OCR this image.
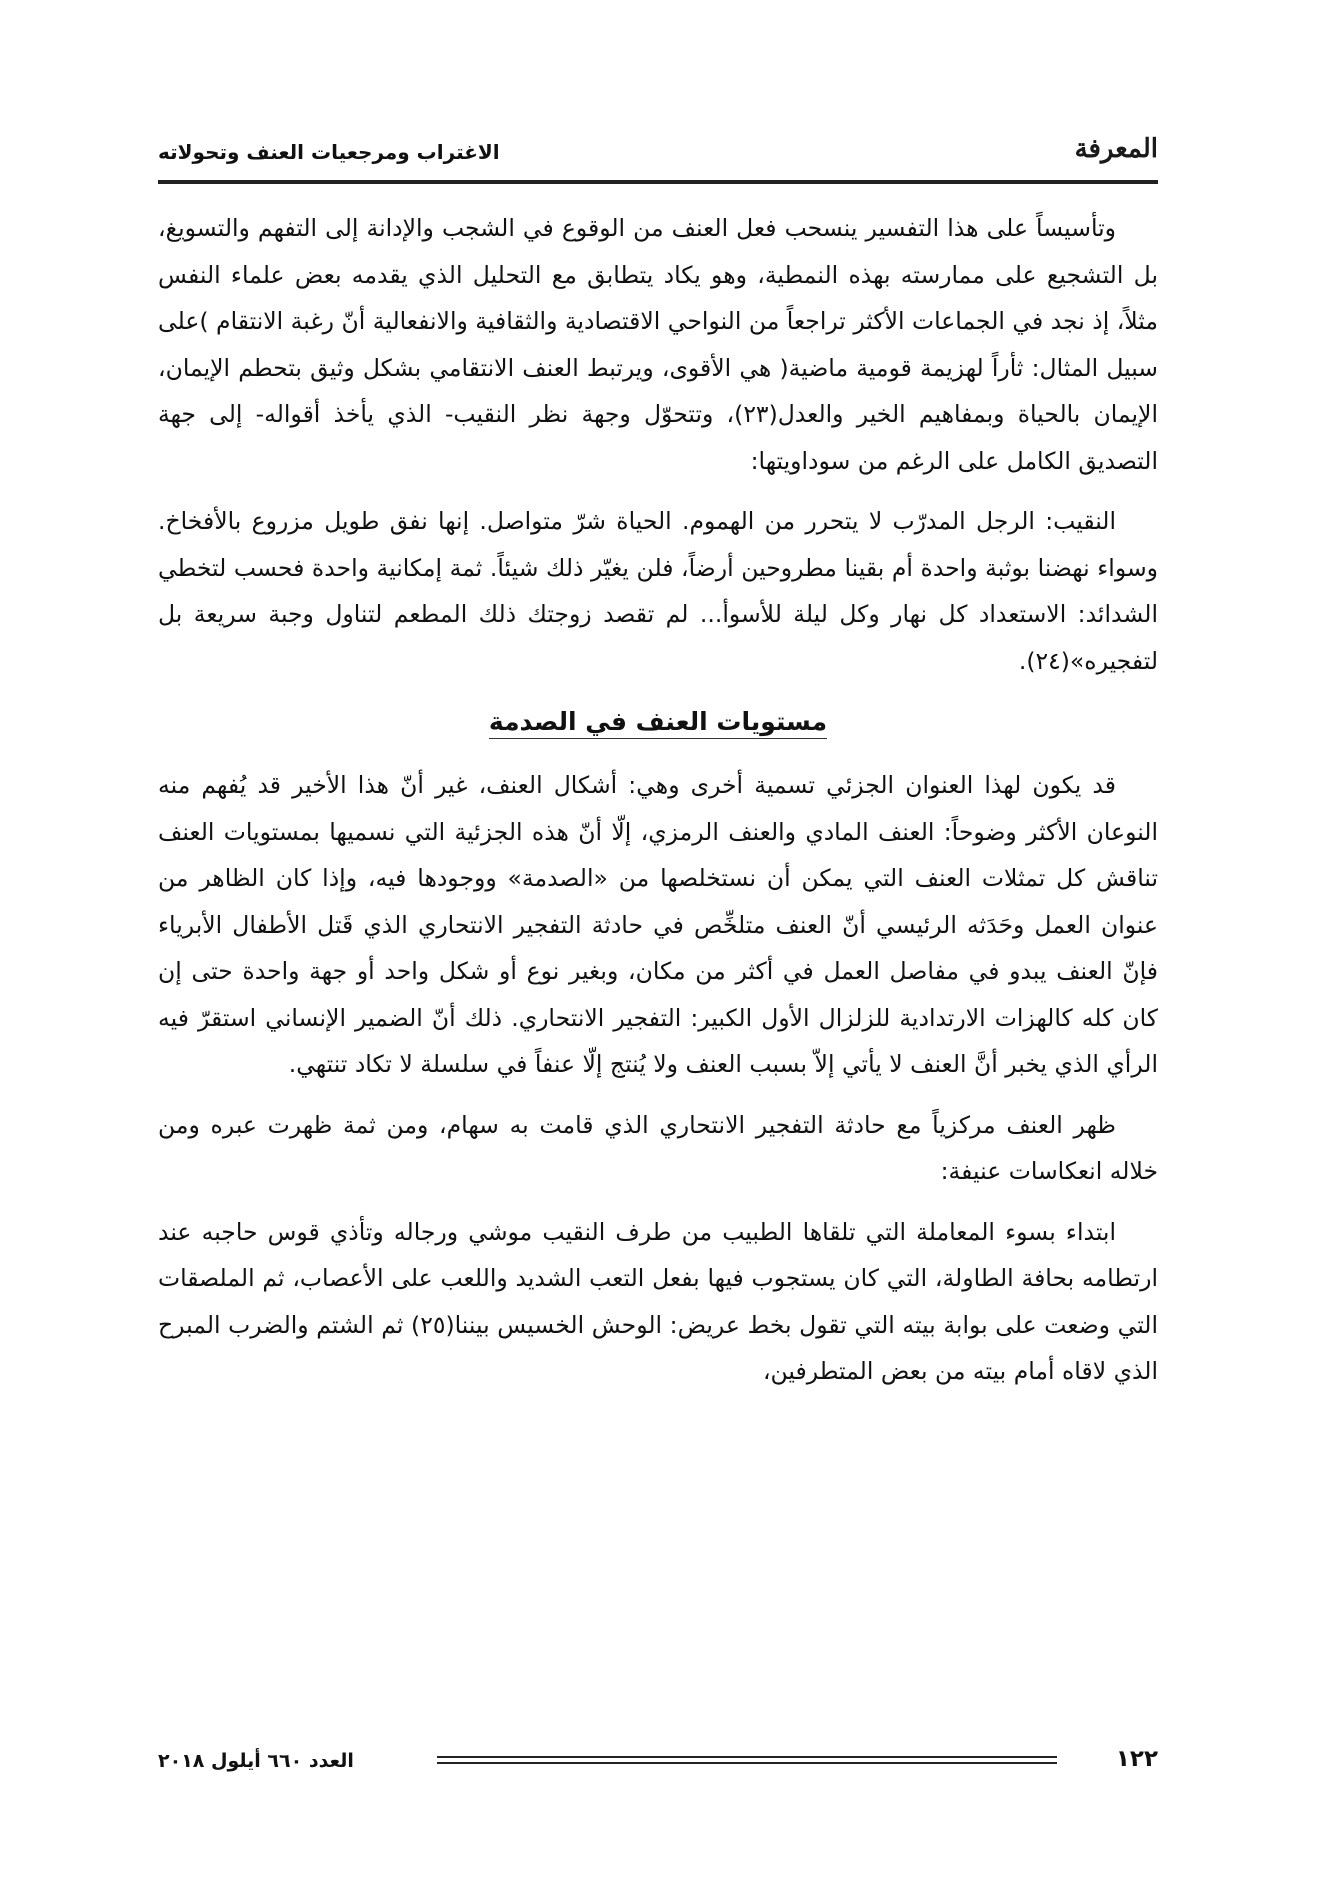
المعرفة
الاغتراب ومرجعيات العنف وتحولاته

وتأسيساً على هذا التفسير ينسحب فعل العنف من الوقوع في الشجب والإدانة إلى التفهم والتسويغ، بل التشجيع على ممارسته بهذه النمطية، وهو يكاد يتطابق مع التحليل الذي يقدمه بعض علماء النفس مثلاً، إذ نجد في الجماعات الأكثر تراجعاً من النواحي الاقتصادية والثقافية والانفعالية أنّ رغبة الانتقام )على سبيل المثال: ثأراً لهزيمة قومية ماضية( هي الأقوى، ويرتبط العنف الانتقامي بشكل وثيق بتحطم الإيمان، الإيمان بالحياة وبمفاهيم الخير والعدل(٢٣)، وتتحوّل وجهة نظر النقيب- الذي يأخذ أقواله- إلى جهة التصديق الكامل على الرغم من سوداويتها:

النقيب: الرجل المدرّب لا يتحرر من الهموم. الحياة شرّ متواصل. إنها نفق طويل مزروع بالأفخاخ. وسواء نهضنا بوثبة واحدة أم بقينا مطروحين أرضاً، فلن يغيّر ذلك شيئاً. ثمة إمكانية واحدة فحسب لتخطي الشدائد: الاستعداد كل نهار وكل ليلة للأسوأ... لم تقصد زوجتك ذلك المطعم لتناول وجبة سريعة بل لتفجيره»(٢٤).

مستويات العنف في الصدمة

قد يكون لهذا العنوان الجزئي تسمية أخرى وهي: أشكال العنف، غير أنّ هذا الأخير قد يُفهم منه النوعان الأكثر وضوحاً: العنف المادي والعنف الرمزي، إلّا أنّ هذه الجزئية التي نسميها بمستويات العنف تناقش كل تمثلات العنف التي يمكن أن نستخلصها من «الصدمة» ووجودها فيه، وإذا كان الظاهر من عنوان العمل وحَدَثه الرئيسي أنّ العنف متلخِّص في حادثة التفجير الانتحاري الذي قَتل الأطفال الأبرياء فإنّ العنف يبدو في مفاصل العمل في أكثر من مكان، وبغير نوع أو شكل واحد أو جهة واحدة حتى إن كان كله كالهزات الارتدادية للزلزال الأول الكبير: التفجير الانتحاري. ذلك أنّ الضمير الإنساني استقرّ فيه الرأي الذي يخبر أنَّ العنف لا يأتي إلاّ بسبب العنف ولا يُنتج إلّا عنفاً في سلسلة لا تكاد تنتهي.

ظهر العنف مركزياً مع حادثة التفجير الانتحاري الذي قامت به سهام، ومن ثمة ظهرت عبره ومن خلاله انعكاسات عنيفة:

ابتداء بسوء المعاملة التي تلقاها الطبيب من طرف النقيب موشي ورجاله وتأذي قوس حاجبه عند ارتطامه بحافة الطاولة، التي كان يستجوب فيها بفعل التعب الشديد واللعب على الأعصاب، ثم الملصقات التي وضعت على بوابة بيته التي تقول بخط عريض: الوحش الخسيس بيننا(٢٥) ثم الشتم والضرب المبرح الذي لاقاه أمام بيته من بعض المتطرفين،

١٢٢
العدد ٦٦٠ أيلول ٢٠١٨
